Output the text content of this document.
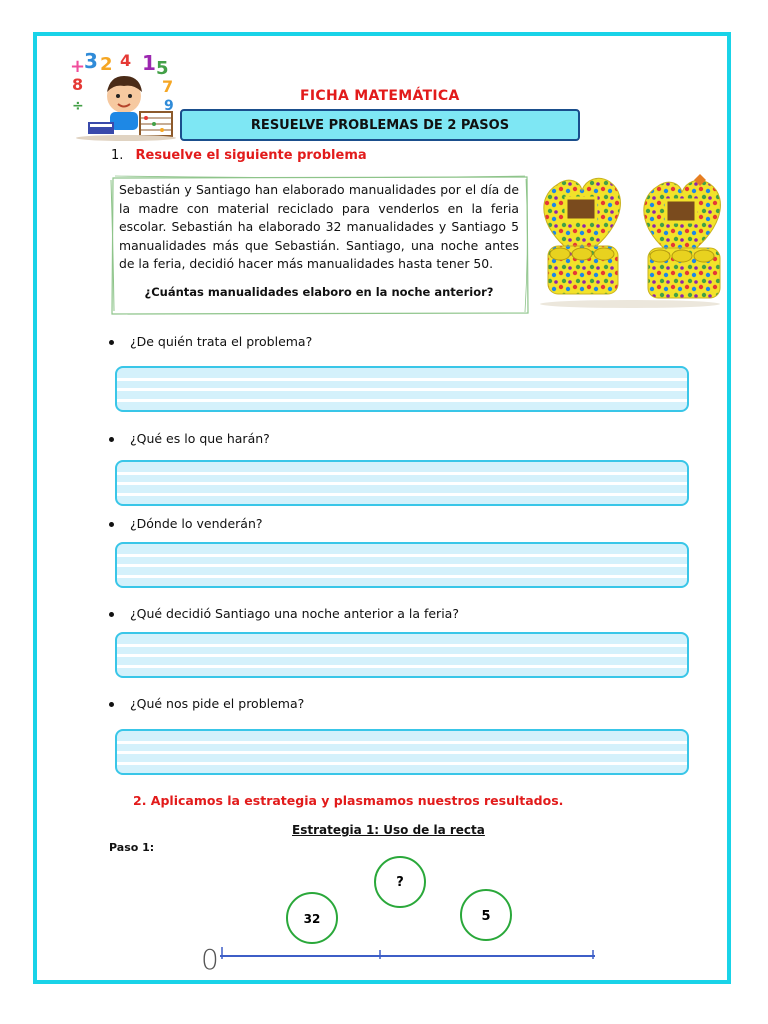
+
3 2 4 1 5
8	7
÷	9
FICHA MATEMÁTICA
RESUELVE PROBLEMAS DE 2 PASOS
1. Resuelve el siguiente problema
Sebastián y Santiago han elaborado manualidades por el día de la madre con material reciclado para venderlos en la feria escolar. Sebastián ha elaborado 32 manualidades y Santiago 5 manualidades más que Sebastián. Santiago, una noche antes de la feria, decidió hacer más manualidades hasta tener 50.
¿Cuántas manualidades elaboro en la noche anterior?
¿De quién trata el problema?
¿Qué es lo que harán?
¿Dónde lo venderán?
¿Qué decidió Santiago una noche anterior a la feria?
¿Qué nos pide el problema?
2. Aplicamos la estrategia y plasmamos nuestros resultados.
Estrategia 1: Uso de la recta
Paso 1:
0
32
?
5
